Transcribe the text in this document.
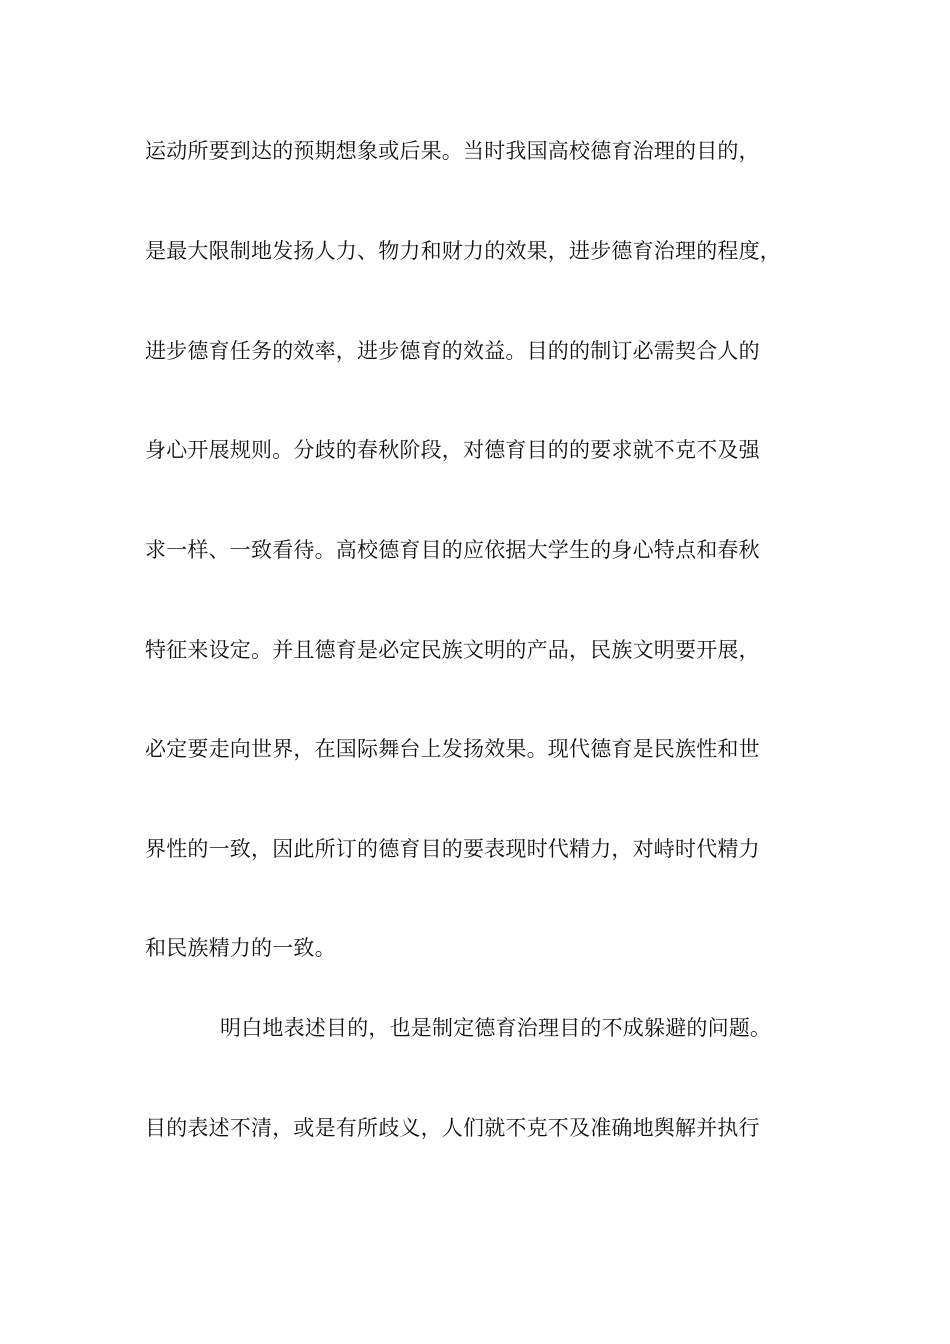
运动所要到达的预期想象或后果。当时我国高校德育治理的目的，
是最大限制地发扬人力、物力和财力的效果，进步德育治理的程度，
进步德育任务的效率，进步德育的效益。目的的制订必需契合人的
身心开展规则。分歧的春秋阶段，对德育目的的要求就不克不及强
求一样、一致看待。高校德育目的应依据大学生的身心特点和春秋
特征来设定。并且德育是必定民族文明的产品，民族文明要开展，
必定要走向世界，在国际舞台上发扬效果。现代德育是民族性和世
界性的一致，因此所订的德育目的要表现时代精力，对峙时代精力
和民族精力的一致。
明白地表述目的，也是制定德育治理目的不成躲避的问题。
目的表述不清，或是有所歧义，人们就不克不及准确地舆解并执行
